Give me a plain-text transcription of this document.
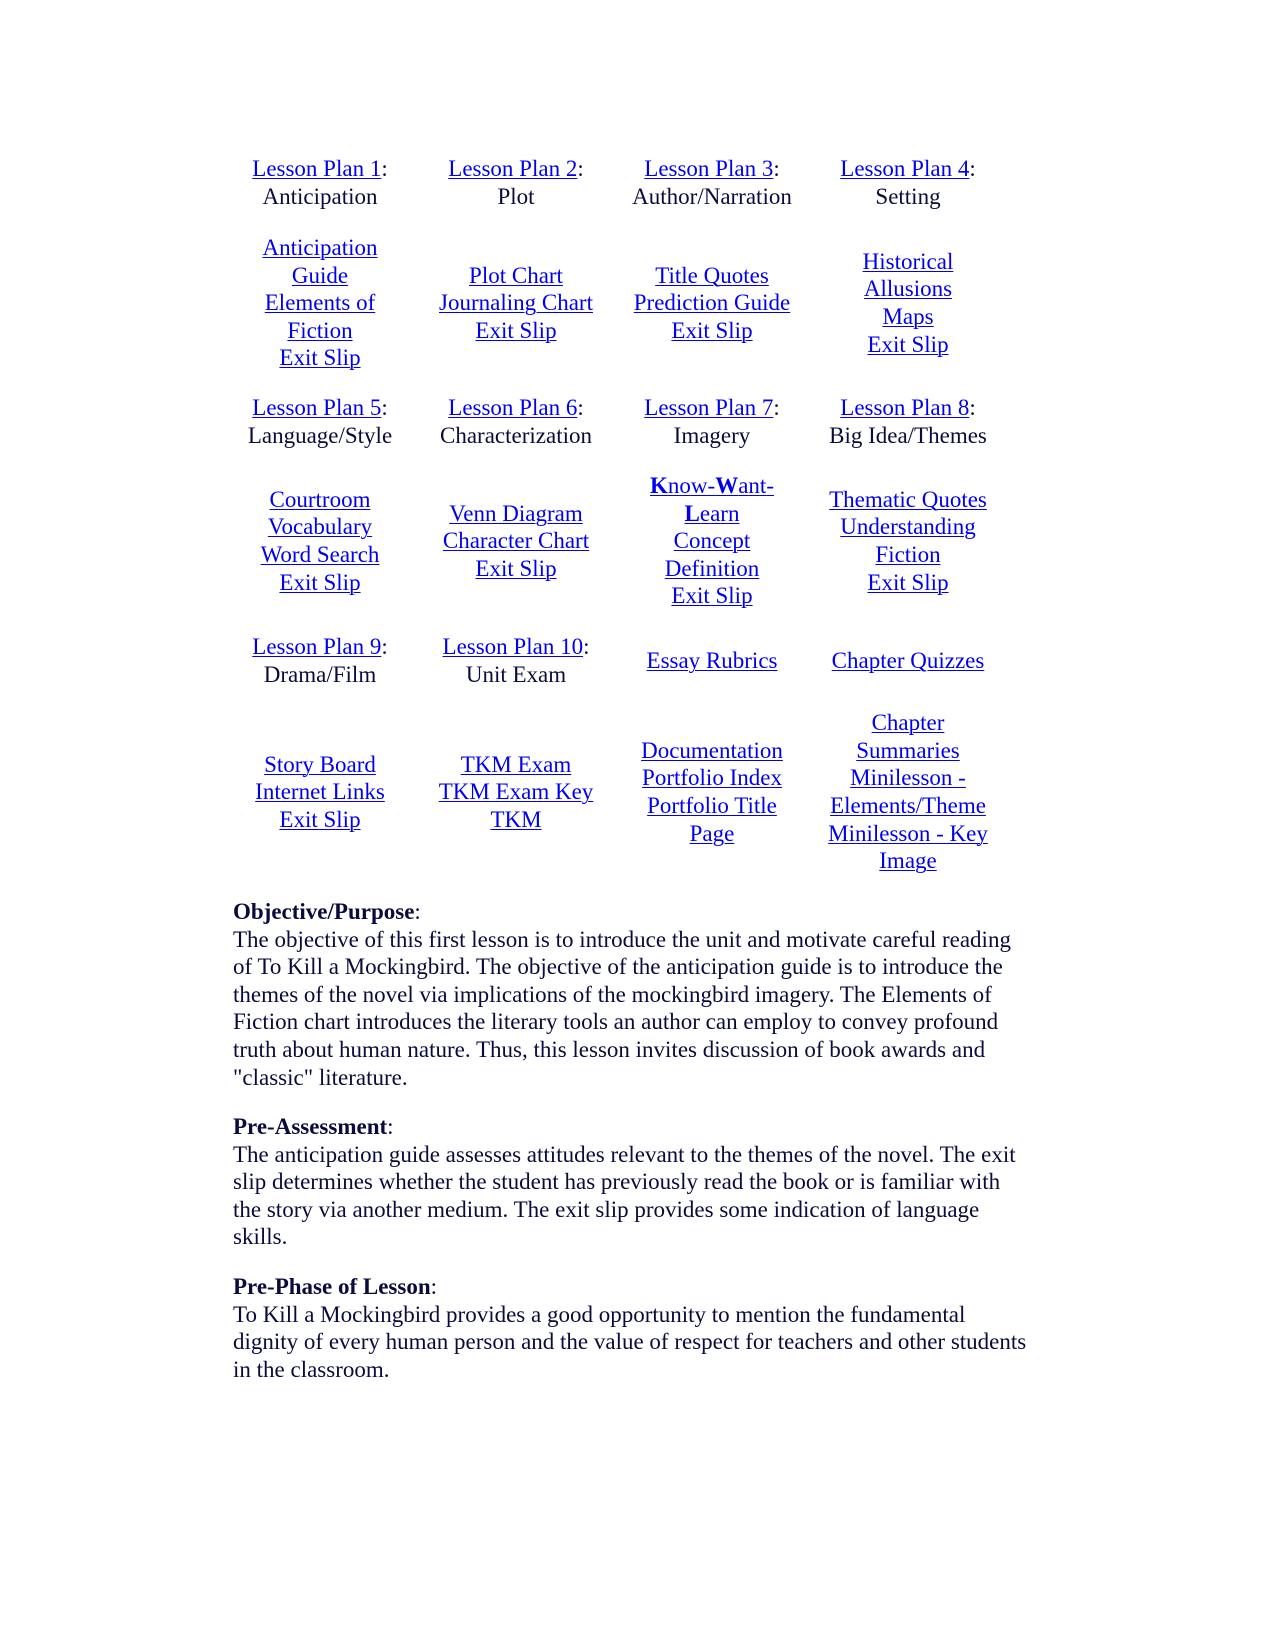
Lesson Plan 1:
Anticipation
Lesson Plan 2:
Plot
Lesson Plan 3:
Author/Narration
Lesson Plan 4:
Setting
Anticipation
Guide
Elements of
Fiction
Exit Slip
Plot Chart
Journaling Chart
Exit Slip
Title Quotes
Prediction Guide
Exit Slip
Historical
Allusions
Maps
Exit Slip
Lesson Plan 5:
Language/Style
Lesson Plan 6:
Characterization
Lesson Plan 7:
Imagery
Lesson Plan 8:
Big Idea/Themes
Courtroom
Vocabulary
Word Search
Exit Slip
Venn Diagram
Character Chart
Exit Slip
Know-Want-
Learn
Concept
Definition
Exit Slip
Thematic Quotes
Understanding
Fiction
Exit Slip
Lesson Plan 9:
Drama/Film
Lesson Plan 10:
Unit Exam
Essay Rubrics	Chapter Quizzes
Story Board
Internet Links
Exit Slip
TKM Exam
TKM Exam Key
TKM
Documentation
Portfolio Index
Portfolio Title
Page
Chapter
Summaries
Minilesson -
Elements/Theme
Minilesson - Key
Image
Objective/Purpose:

The objective of this first lesson is to introduce the unit and motivate careful reading of To Kill a Mockingbird. The objective of the anticipation guide is to introduce the themes of the novel via implications of the mockingbird imagery. The Elements of Fiction chart introduces the literary tools an author can employ to convey profound truth about human nature. Thus, this lesson invites discussion of book awards and "classic" literature.

Pre-Assessment:

The anticipation guide assesses attitudes relevant to the themes of the novel. The exit slip determines whether the student has previously read the book or is familiar with the story via another medium. The exit slip provides some indication of language skills.

Pre-Phase of Lesson:

To Kill a Mockingbird provides a good opportunity to mention the fundamental dignity of every human person and the value of respect for teachers and other students in the classroom.
